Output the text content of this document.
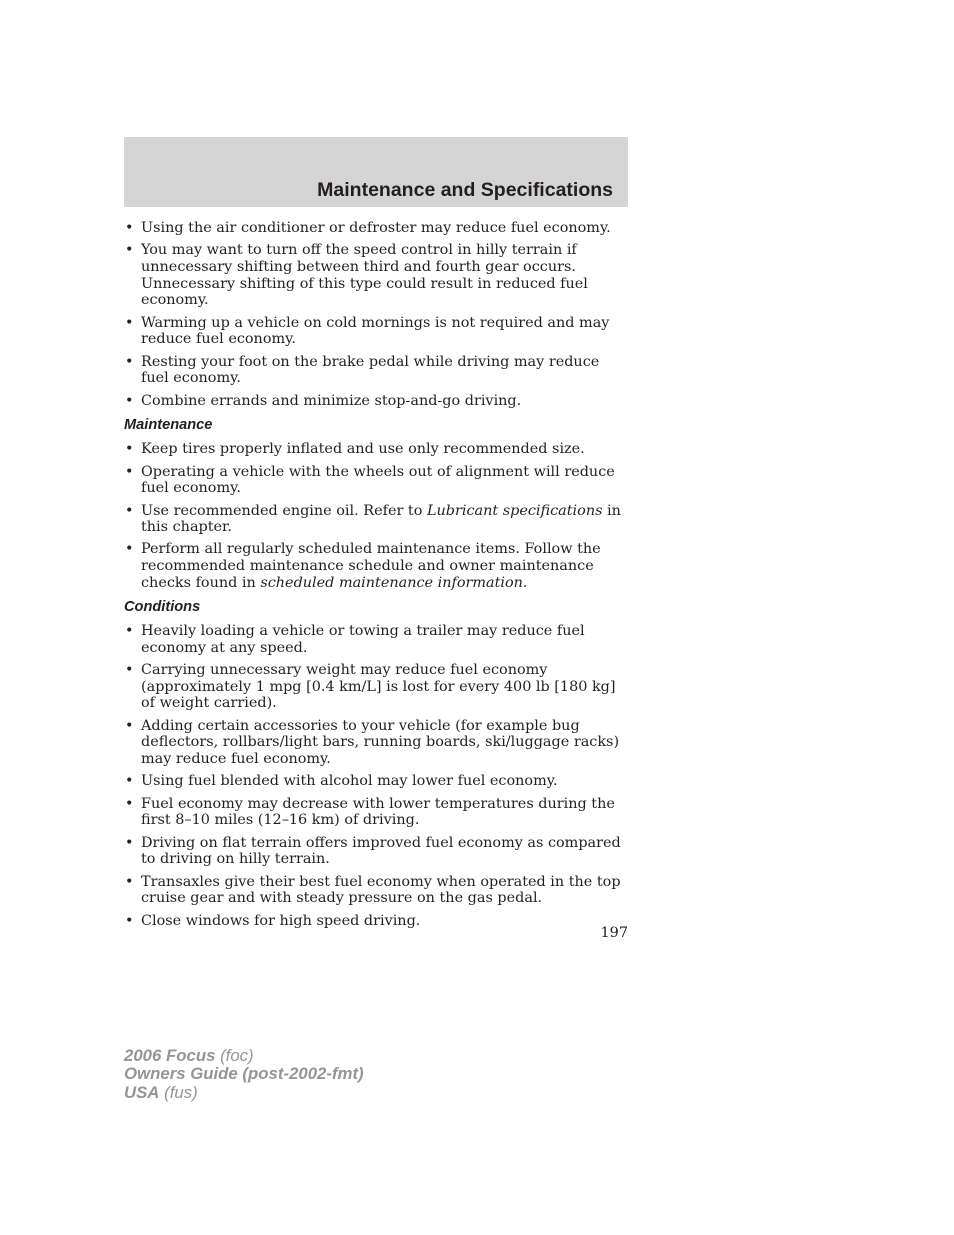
Maintenance and Specifications
• Using the air conditioner or defroster may reduce fuel economy.
• You may want to turn off the speed control in hilly terrain if unnecessary shifting between third and fourth gear occurs. Unnecessary shifting of this type could result in reduced fuel economy.
• Warming up a vehicle on cold mornings is not required and may reduce fuel economy.
• Resting your foot on the brake pedal while driving may reduce fuel economy.
• Combine errands and minimize stop-and-go driving.
Maintenance
• Keep tires properly inflated and use only recommended size.
• Operating a vehicle with the wheels out of alignment will reduce fuel economy.
• Use recommended engine oil. Refer to Lubricant specifications in this chapter.
• Perform all regularly scheduled maintenance items. Follow the recommended maintenance schedule and owner maintenance checks found in scheduled maintenance information.
Conditions
• Heavily loading a vehicle or towing a trailer may reduce fuel economy at any speed.
• Carrying unnecessary weight may reduce fuel economy (approximately 1 mpg [0.4 km/L] is lost for every 400 lb [180 kg] of weight carried).
• Adding certain accessories to your vehicle (for example bug deflectors, rollbars/light bars, running boards, ski/luggage racks) may reduce fuel economy.
• Using fuel blended with alcohol may lower fuel economy.
• Fuel economy may decrease with lower temperatures during the first 8–10 miles (12–16 km) of driving.
• Driving on flat terrain offers improved fuel economy as compared to driving on hilly terrain.
• Transaxles give their best fuel economy when operated in the top cruise gear and with steady pressure on the gas pedal.
• Close windows for high speed driving.
197
2006 Focus (foc)
Owners Guide (post-2002-fmt)
USA (fus)
